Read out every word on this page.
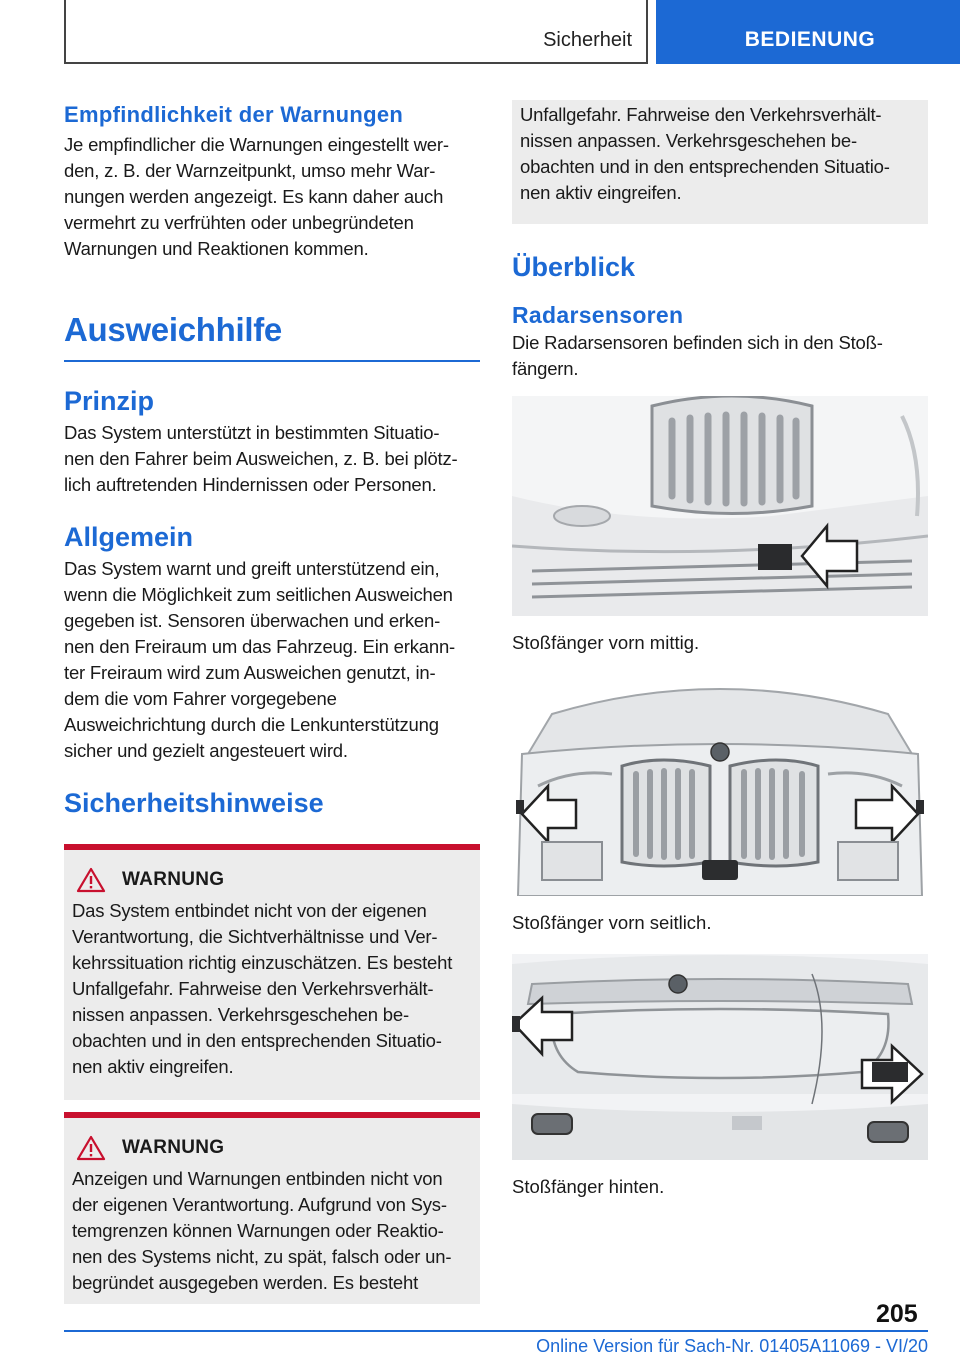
Sicherheit	BEDIENUNG
Empfindlichkeit der Warnungen

Je empfindlicher die Warnungen eingestellt wer-
den, z. B. der Warnzeitpunkt, umso mehr War-
nungen werden angezeigt. Es kann daher auch
vermehrt zu verfrühten oder unbegründeten
Warnungen und Reaktionen kommen.

Ausweichhilfe
Prinzip

Das System unterstützt in bestimmten Situatio-
nen den Fahrer beim Ausweichen, z. B. bei plötz-
lich auftretenden Hindernissen oder Personen.

Allgemein

Das System warnt und greift unterstützend ein,
wenn die Möglichkeit zum seitlichen Ausweichen
gegeben ist. Sensoren überwachen und erken-
nen den Freiraum um das Fahrzeug. Ein erkann-
ter Freiraum wird zum Ausweichen genutzt, in-
dem die vom Fahrer vorgegebene
Ausweichrichtung durch die Lenkunterstützung
sicher und gezielt angesteuert wird.

Sicherheitshinweise
WARNUNG

Das System entbindet nicht von der eigenen
Verantwortung, die Sichtverhältnisse und Ver-
kehrssituation richtig einzuschätzen. Es besteht
Unfallgefahr. Fahrweise den Verkehrsverhält-
nissen anpassen. Verkehrsgeschehen be-
obachten und in den entsprechenden Situatio-
nen aktiv eingreifen.

WARNUNG

Anzeigen und Warnungen entbinden nicht von
der eigenen Verantwortung. Aufgrund von Sys-
temgrenzen können Warnungen oder Reaktio-
nen des Systems nicht, zu spät, falsch oder un-
begründet ausgegeben werden. Es besteht

Unfallgefahr. Fahrweise den Verkehrsverhält-
nissen anpassen. Verkehrsgeschehen be-
obachten und in den entsprechenden Situatio-
nen aktiv eingreifen.

Überblick
Radarsensoren

Die Radarsensoren befinden sich in den Stoß-
fängern.

Stoßfänger vorn mittig.

Stoßfänger vorn seitlich.

Stoßfänger hinten.

205
Online Version für Sach-Nr. 01405A11069 - VI/20
